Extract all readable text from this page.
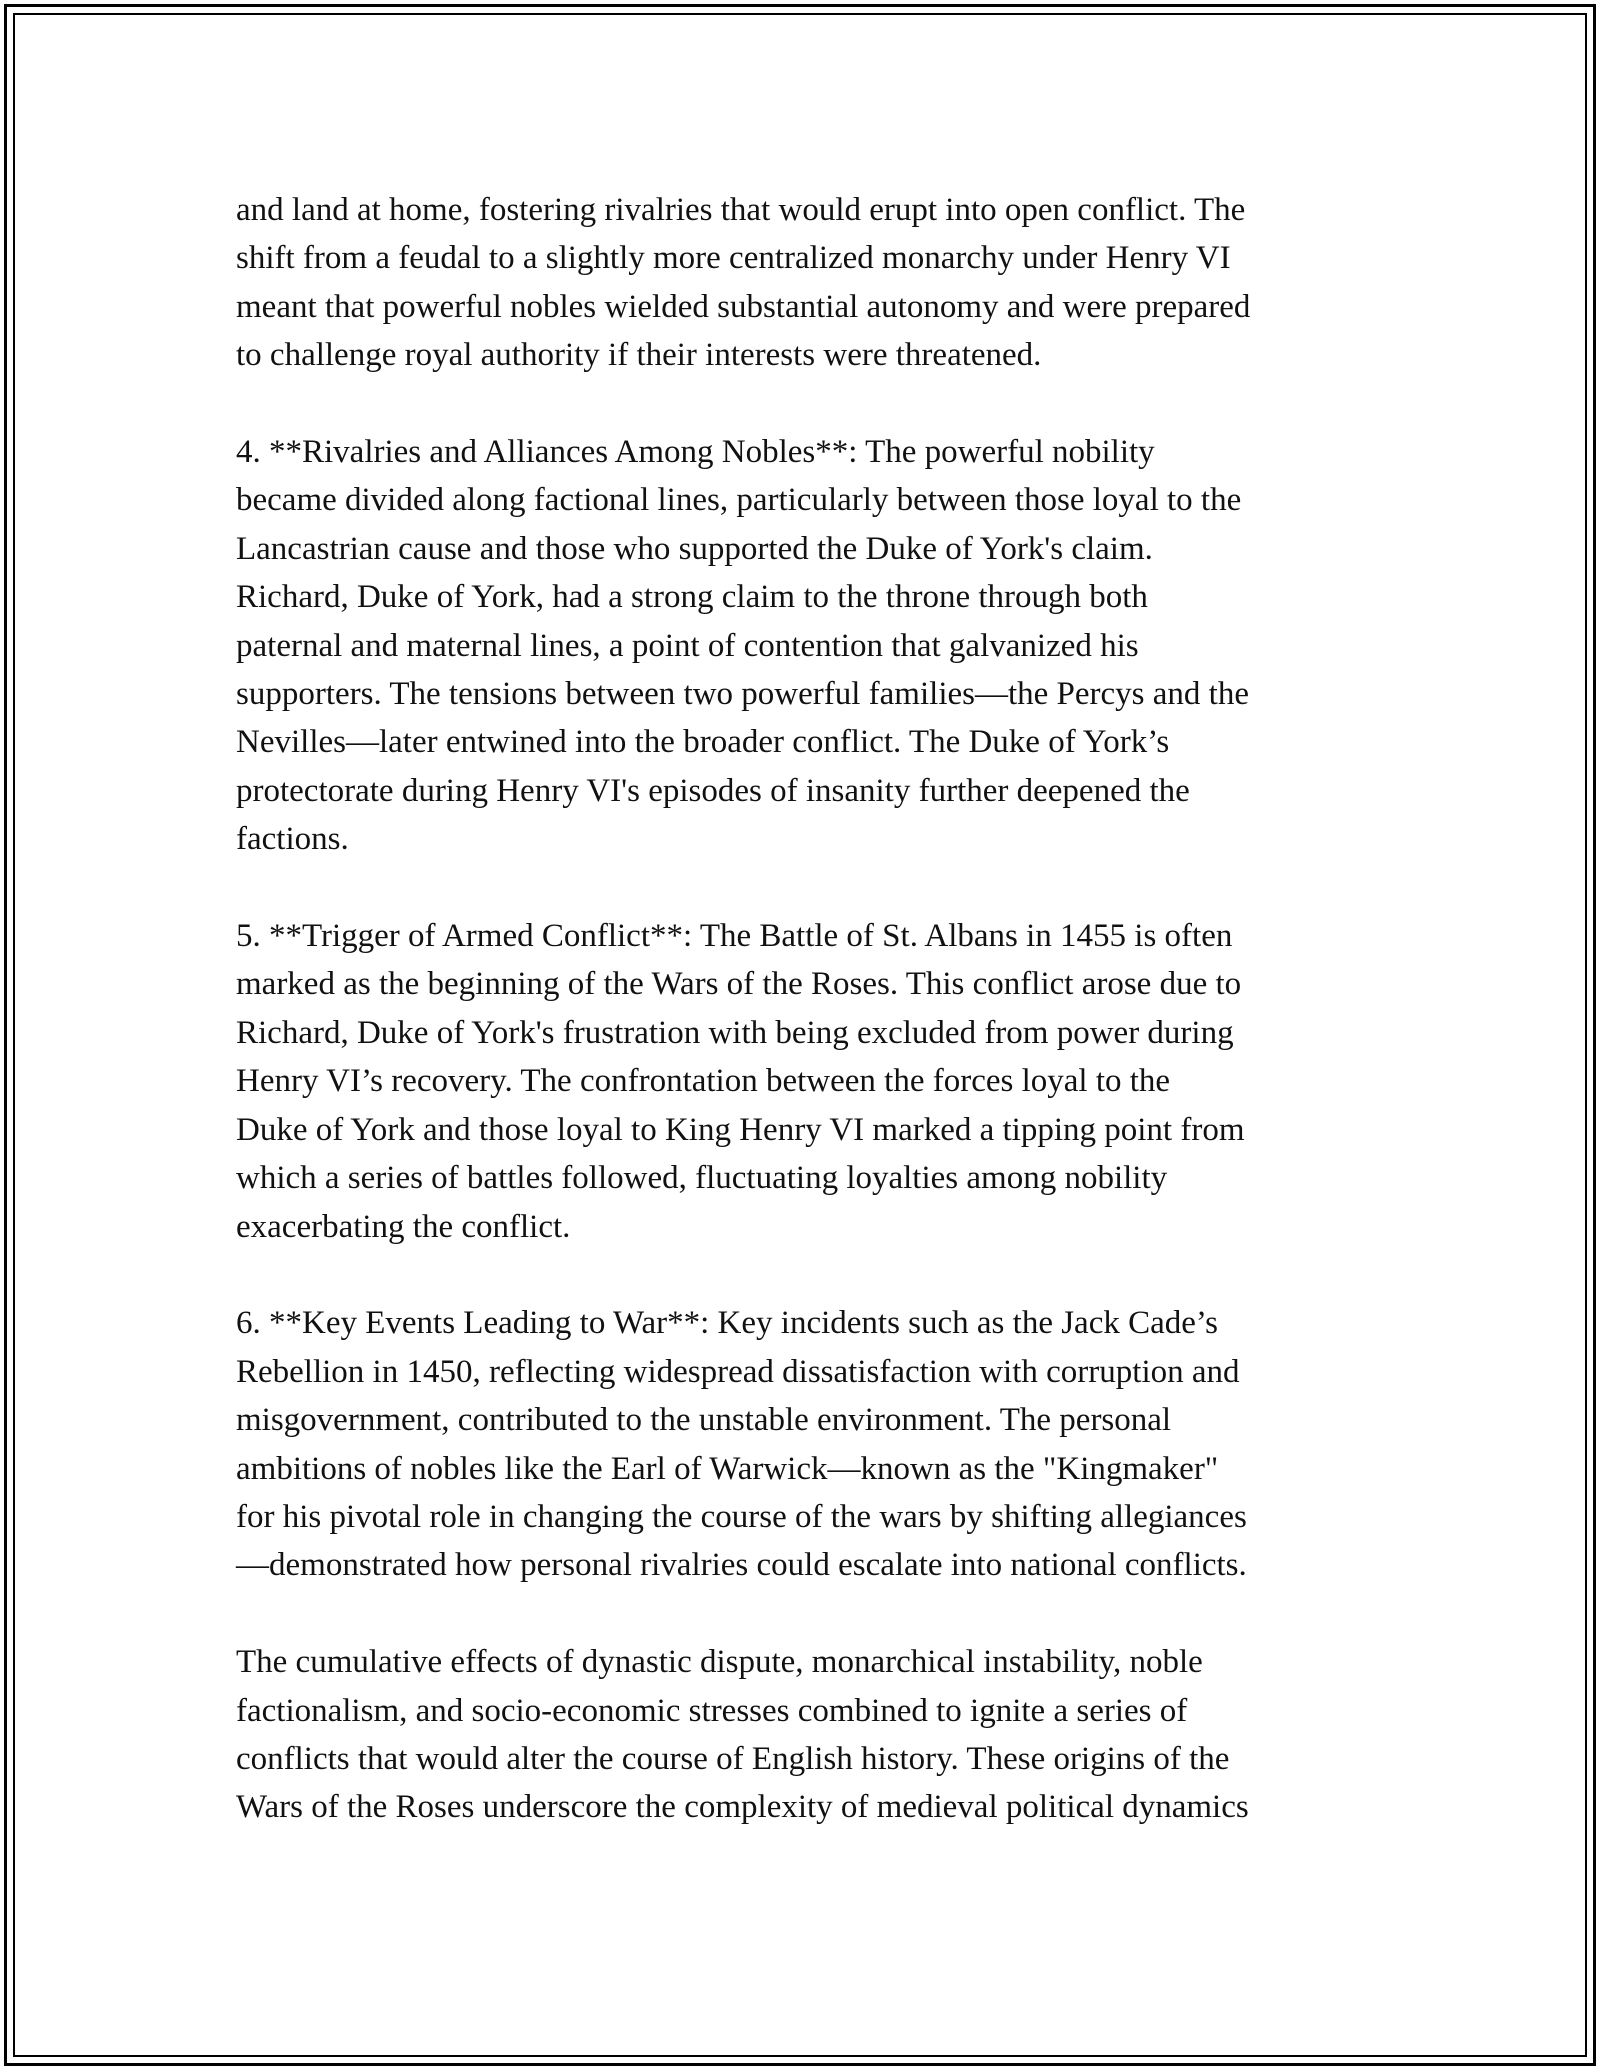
and land at home, fostering rivalries that would erupt into open conflict. The
shift from a feudal to a slightly more centralized monarchy under Henry VI
meant that powerful nobles wielded substantial autonomy and were prepared
to challenge royal authority if their interests were threatened.

4. **Rivalries and Alliances Among Nobles**: The powerful nobility
became divided along factional lines, particularly between those loyal to the
Lancastrian cause and those who supported the Duke of York's claim.
Richard, Duke of York, had a strong claim to the throne through both
paternal and maternal lines, a point of contention that galvanized his
supporters. The tensions between two powerful families—the Percys and the
Nevilles—later entwined into the broader conflict. The Duke of York’s
protectorate during Henry VI's episodes of insanity further deepened the
factions.

5. **Trigger of Armed Conflict**: The Battle of St. Albans in 1455 is often
marked as the beginning of the Wars of the Roses. This conflict arose due to
Richard, Duke of York's frustration with being excluded from power during
Henry VI’s recovery. The confrontation between the forces loyal to the
Duke of York and those loyal to King Henry VI marked a tipping point from
which a series of battles followed, fluctuating loyalties among nobility
exacerbating the conflict.

6. **Key Events Leading to War**: Key incidents such as the Jack Cade’s
Rebellion in 1450, reflecting widespread dissatisfaction with corruption and
misgovernment, contributed to the unstable environment. The personal
ambitions of nobles like the Earl of Warwick—known as the "Kingmaker"
for his pivotal role in changing the course of the wars by shifting allegiances
—demonstrated how personal rivalries could escalate into national conflicts.

The cumulative effects of dynastic dispute, monarchical instability, noble
factionalism, and socio-economic stresses combined to ignite a series of
conflicts that would alter the course of English history. These origins of the
Wars of the Roses underscore the complexity of medieval political dynamics
